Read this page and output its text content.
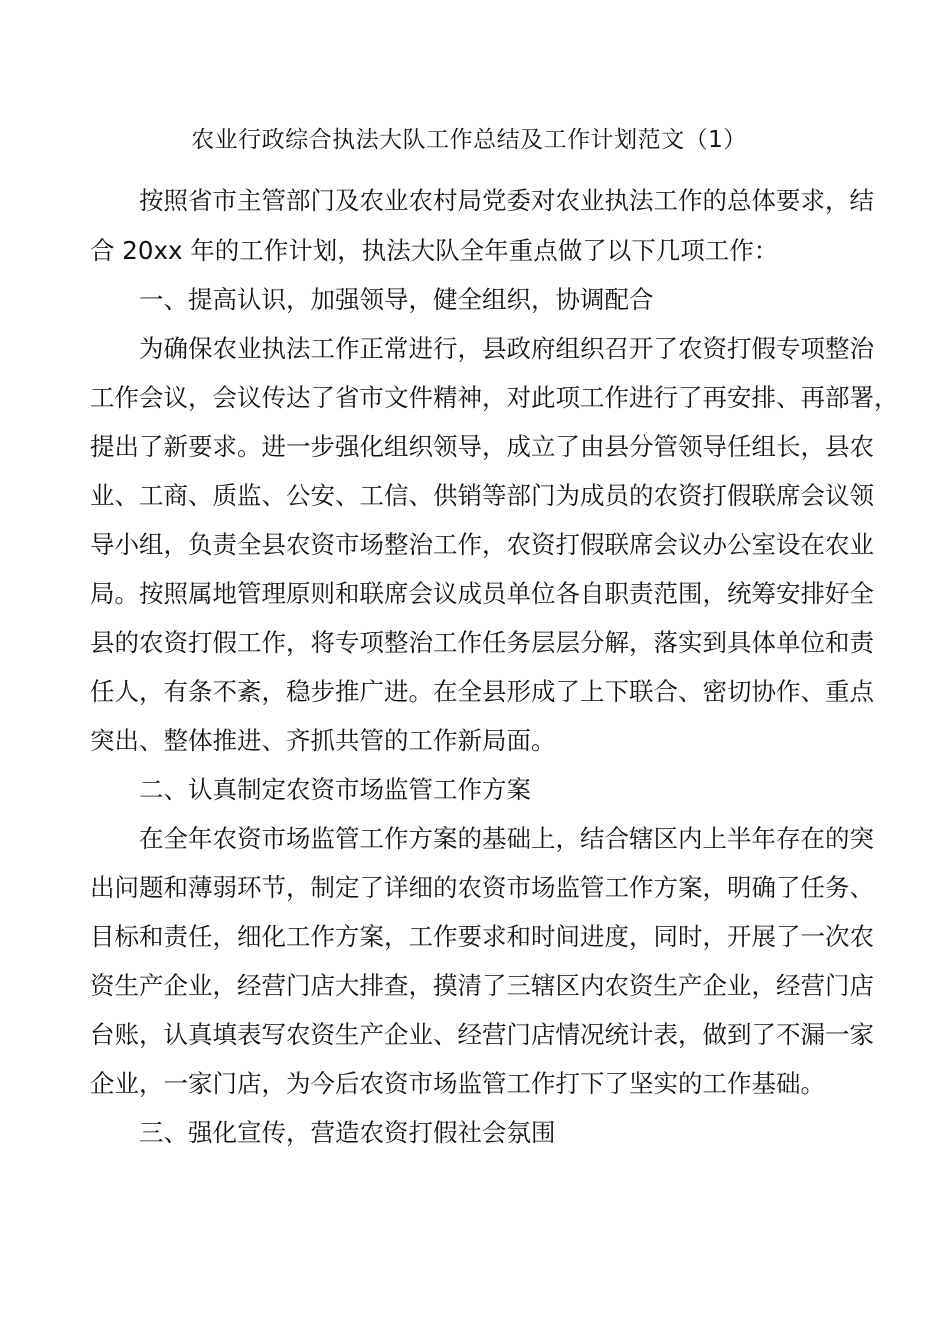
农业行政综合执法大队工作总结及工作计划范文（1）
按照省市主管部门及农业农村局党委对农业执法工作的总体要求，结
合 20xx 年的工作计划，执法大队全年重点做了以下几项工作：
一、提高认识，加强领导，健全组织，协调配合
为确保农业执法工作正常进行，县政府组织召开了农资打假专项整治
工作会议，会议传达了省市文件精神，对此项工作进行了再安排、再部署，
提出了新要求。进一步强化组织领导，成立了由县分管领导任组长，县农
业、工商、质监、公安、工信、供销等部门为成员的农资打假联席会议领
导小组，负责全县农资市场整治工作，农资打假联席会议办公室设在农业
局。按照属地管理原则和联席会议成员单位各自职责范围，统筹安排好全
县的农资打假工作，将专项整治工作任务层层分解，落实到具体单位和责
任人，有条不紊，稳步推广进。在全县形成了上下联合、密切协作、重点
突出、整体推进、齐抓共管的工作新局面。
二、认真制定农资市场监管工作方案
在全年农资市场监管工作方案的基础上，结合辖区内上半年存在的突
出问题和薄弱环节，制定了详细的农资市场监管工作方案，明确了任务、
目标和责任，细化工作方案，工作要求和时间进度，同时，开展了一次农
资生产企业，经营门店大排查，摸清了三辖区内农资生产企业，经营门店
台账，认真填表写农资生产企业、经营门店情况统计表，做到了不漏一家
企业，一家门店，为今后农资市场监管工作打下了坚实的工作基础。
三、强化宣传，营造农资打假社会氛围
